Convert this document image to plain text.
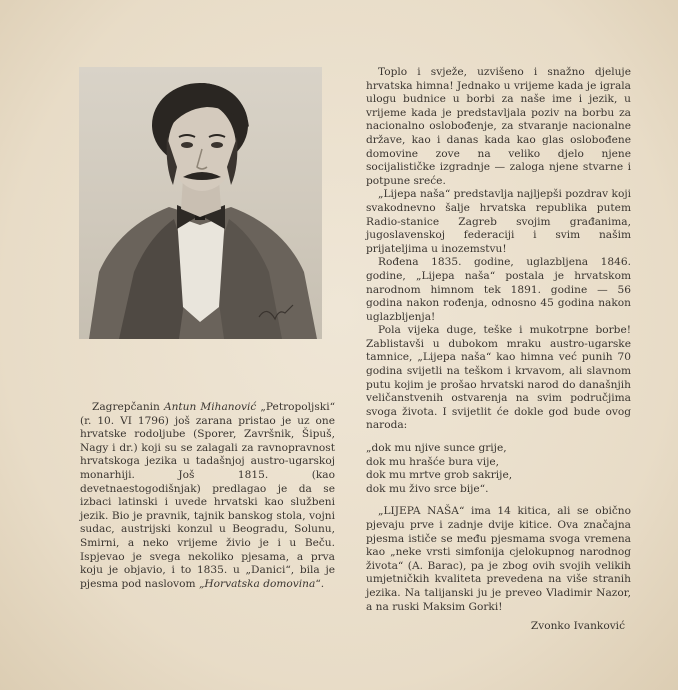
Zagrepčanin Antun Mihanović „Petropoljski“ (r. 10. VI 1796) još zarana pristao je uz one hrvatske rodoljube (Sporer, Završnik, Šipuš, Nagy i dr.) koji su se zalagali za ravnopravnost hrvatskoga jezika u tadašnjoj austro-ugarskoj monarhiji. Još 1815. (kao devetnaestogodišnjak) predlagao je da se izbaci latinski i uvede hrvatski kao službeni jezik. Bio je pravnik, tajnik banskog stola, vojni sudac, austrijski konzul u Beogradu, Solunu, Smirni, a neko vrijeme živio je i u Beču. Ispjevao je svega nekoliko pjesama, a prva koju je objavio, i to 1835. u „Danici“, bila je pjesma pod naslovom „Horvatska domovina“.

Toplo i svježe, uzvišeno i snažno djeluje hrvatska himna! Jednako u vrijeme kada je igrala ulogu budnice u borbi za naše ime i jezik, u vrijeme kada je predstavljala poziv na borbu za nacionalno oslobođenje, za stvaranje nacionalne države, kao i danas kada kao glas oslobođene domovine zove na veliko djelo njene socijalističke izgradnje — zaloga njene stvarne i potpune sreće.

„Lijepa naša“ predstavlja najljepši pozdrav koji svakodnevno šalje hrvatska republika putem Radio-stanice Zagreb svojim građanima, jugoslavenskoj federaciji i svim našim prijateljima u inozemstvu!

Rođena 1835. godine, uglazbljena 1846. godine, „Lijepa naša“ postala je hrvatskom narodnom himnom tek 1891. godine — 56 godina nakon rođenja, odnosno 45 godina nakon uglazbljenja!

Pola vijeka duge, teške i mukotrpne borbe! Zablistavši u dubokom mraku austro-ugarske tamnice, „Lijepa naša“ kao himna već punih 70 godina svijetli na teškom i krvavom, ali slavnom putu kojim je prošao hrvatski narod do današnjih veličanstvenih ostvarenja na svim područjima svoga života. I svijetlit će dokle god bude ovog naroda:

„dok mu njive sunce grije,
dok mu hrašće bura vije,
dok mu mrtve grob sakrije,
dok mu živo srce bije“.

„LIJEPA NAŠA“ ima 14 kitica, ali se obično pjevaju prve i zadnje dvije kitice. Ova značajna pjesma ističe se među pjesmama svoga vremena kao „neke vrsti simfonija cjelokupnog narodnog života“ (A. Barac), pa je zbog ovih svojih velikih umjetničkih kvaliteta prevedena na više stranih jezika. Na talijanski ju je preveo Vladimir Nazor, a na ruski Maksim Gorki!

Zvonko Ivanković
